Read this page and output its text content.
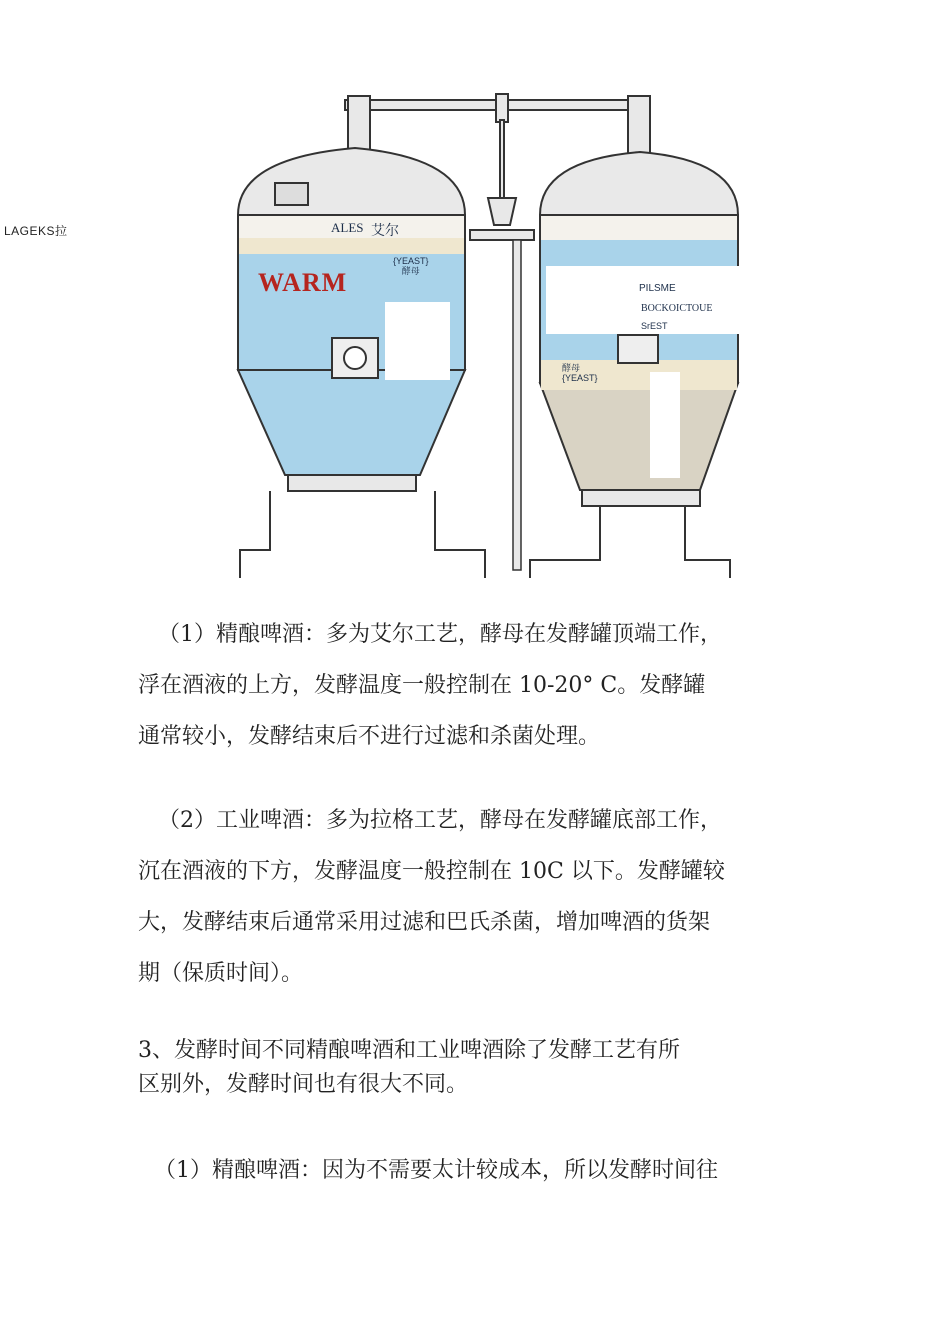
LAGEKS拉	ALES 艾尔
{YEAST}
酵母
WARM	PILSME
BOCKOICTOUE
SrEST
酵母
{YEAST}

（1）精酿啤酒：多为艾尔工艺，酵母在发酵罐顶端工作，
浮在酒液的上方，发酵温度一般控制在 10-20° C。发酵罐
通常较小，发酵结束后不进行过滤和杀菌处理。

（2）工业啤酒：多为拉格工艺，酵母在发酵罐底部工作，
沉在酒液的下方，发酵温度一般控制在 10C 以下。发酵罐较
大，发酵结束后通常采用过滤和巴氏杀菌，增加啤酒的货架
期（保质时间）。

3、发酵时间不同精酿啤酒和工业啤酒除了发酵工艺有所
区别外，发酵时间也有很大不同。

（1）精酿啤酒：因为不需要太计较成本，所以发酵时间往
